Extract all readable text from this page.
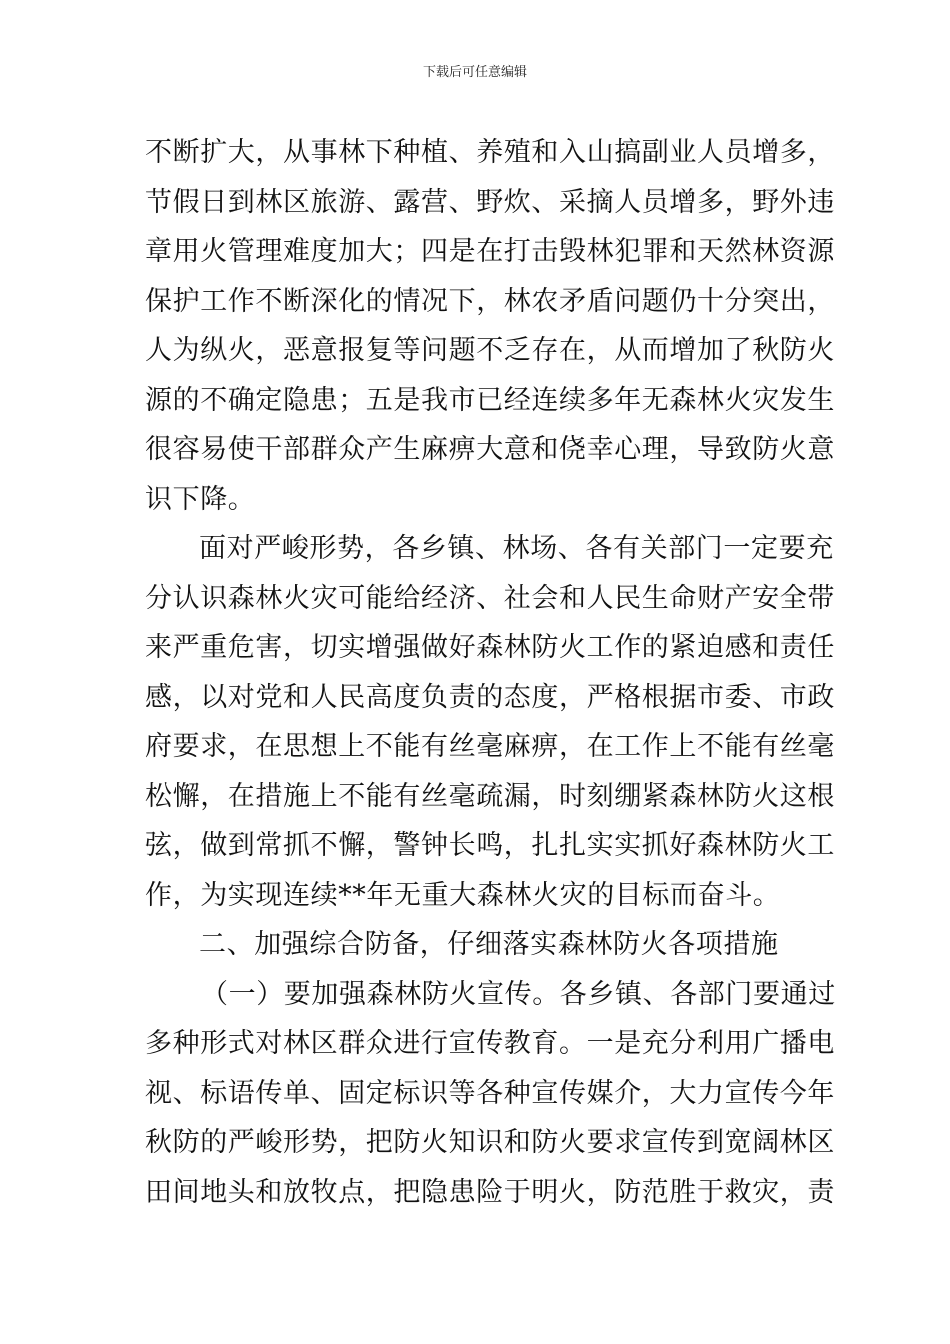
下载后可任意编辑
不断扩大，从事林下种植、养殖和入山搞副业人员增多，
节假日到林区旅游、露营、野炊、采摘人员增多，野外违
章用火管理难度加大；四是在打击毁林犯罪和天然林资源
保护工作不断深化的情况下，林农矛盾问题仍十分突出，
人为纵火，恶意报复等问题不乏存在，从而增加了秋防火
源的不确定隐患；五是我市已经连续多年无森林火灾发生
很容易使干部群众产生麻痹大意和侥幸心理，导致防火意
识下降。
面对严峻形势，各乡镇、林场、各有关部门一定要充
分认识森林火灾可能给经济、社会和人民生命财产安全带
来严重危害，切实增强做好森林防火工作的紧迫感和责任
感，以对党和人民高度负责的态度，严格根据市委、市政
府要求，在思想上不能有丝毫麻痹，在工作上不能有丝毫
松懈，在措施上不能有丝毫疏漏，时刻绷紧森林防火这根
弦，做到常抓不懈，警钟长鸣，扎扎实实抓好森林防火工
作，为实现连续**年无重大森林火灾的目标而奋斗。
二、加强综合防备，仔细落实森林防火各项措施
（一）要加强森林防火宣传。各乡镇、各部门要通过
多种形式对林区群众进行宣传教育。一是充分利用广播电
视、标语传单、固定标识等各种宣传媒介，大力宣传今年
秋防的严峻形势，把防火知识和防火要求宣传到宽阔林区
田间地头和放牧点，把隐患险于明火，防范胜于救灾，责
